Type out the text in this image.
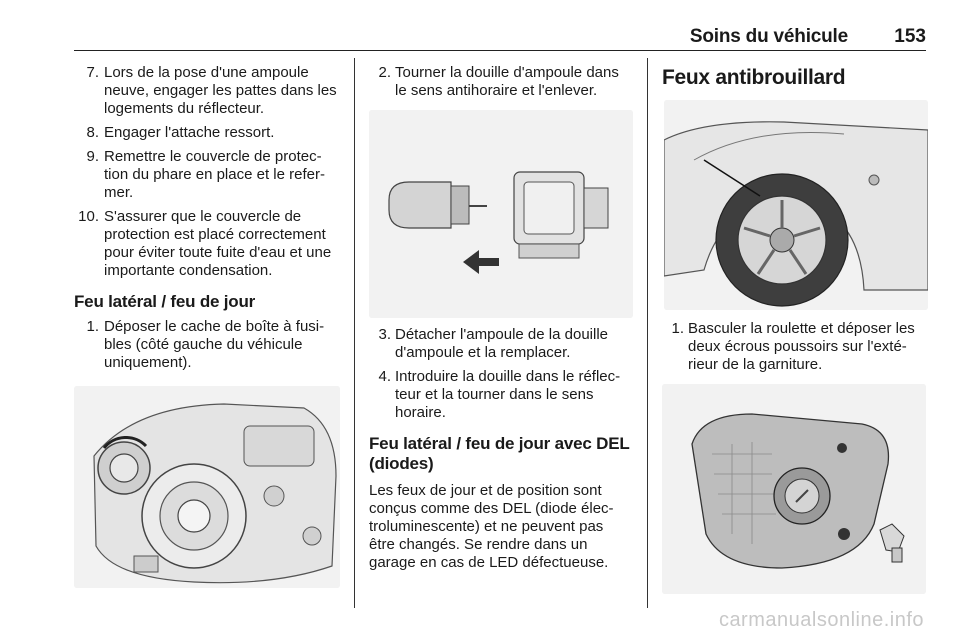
Soins du véhicule 153
7. Lors de la pose d'une ampoule neuve, engager les pattes dans les logements du réflecteur.
8. Engager l'attache ressort.
9. Remettre le couvercle de protec‐tion du phare en place et le refer‐mer.
10. S'assurer que le couvercle de protection est placé correctement pour éviter toute fuite d'eau et une importante condensation.
Feu latéral / feu de jour
1. Déposer le cache de boîte à fusi‐bles (côté gauche du véhicule uniquement).
2. Tourner la douille d'ampoule dans le sens antihoraire et l'enlever.
3. Détacher l'ampoule de la douille d'ampoule et la remplacer.
4. Introduire la douille dans le réflec‐teur et la tourner dans le sens horaire.
Feu latéral / feu de jour avec DEL (diodes)

Les feux de jour et de position sont conçus comme des DEL (diode élec‐troluminescente) et ne peuvent pas être changés. Se rendre dans un garage en cas de LED défectueuse.

Feux antibrouillard
1. Basculer la roulette et déposer les deux écrous poussoirs sur l'exté‐rieur de la garniture.
carmanualsonline.info
